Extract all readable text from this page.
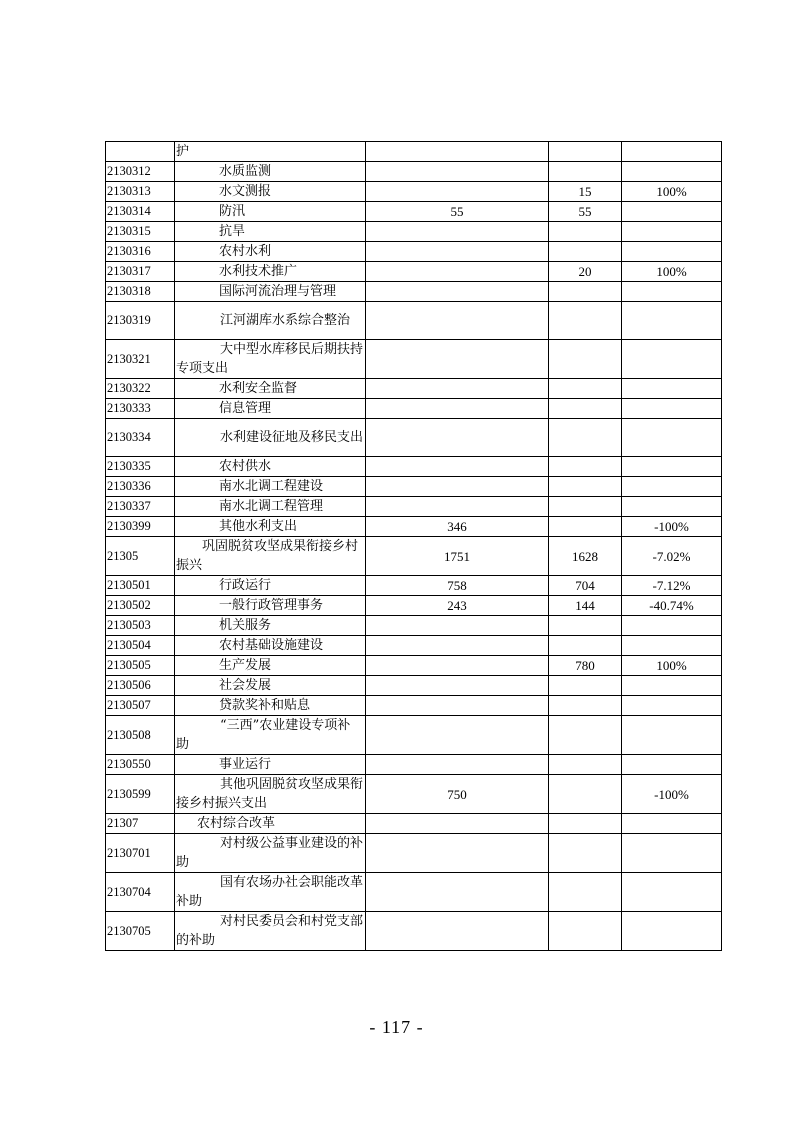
	护			
2130312	水质监测			
2130313	水文测报		15	100%
2130314	防汛	55	55	
2130315	抗旱			
2130316	农村水利			
2130317	水利技术推广		20	100%
2130318	国际河流治理与管理			
2130319	江河湖库水系综合整治			
2130321	大中型水库移民后期扶持专项支出			
2130322	水利安全监督			
2130333	信息管理			
2130334	水利建设征地及移民支出			
2130335	农村供水			
2130336	南水北调工程建设			
2130337	南水北调工程管理			
2130399	其他水利支出	346		-100%
21305	巩固脱贫攻坚成果衔接乡村振兴	1751	1628	-7.02%
2130501	行政运行	758	704	-7.12%
2130502	一般行政管理事务	243	144	-40.74%
2130503	机关服务			
2130504	农村基础设施建设			
2130505	生产发展		780	100%
2130506	社会发展			
2130507	贷款奖补和贴息			
2130508	“三西”农业建设专项补助			
2130550	事业运行			
2130599	其他巩固脱贫攻坚成果衔接乡村振兴支出	750		-100%
21307	农村综合改革			
2130701	对村级公益事业建设的补助			
2130704	国有农场办社会职能改革补助			
2130705	对村民委员会和村党支部的补助			
- 117 -
